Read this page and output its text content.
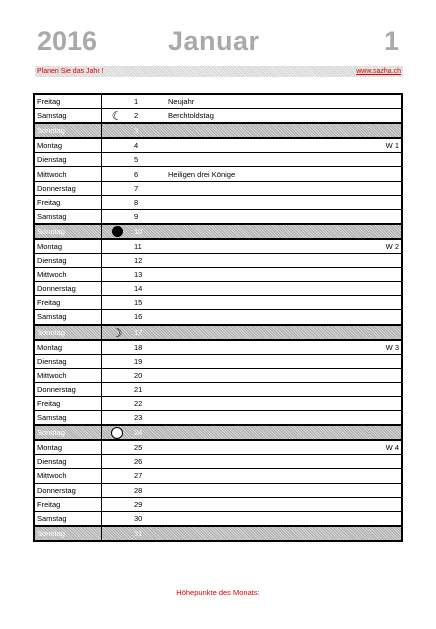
2016	Januar	1
Planen Sie das Jahr !	www.sazha.ch
Freitag		1	Neujahr	
Samstag	☾	2	Berchtoldstag	
Sonntag		3		
Montag		4		W 1
Dienstag		5		
Mittwoch		6	Heiligen drei Könige	
Donnerstag		7		
Freitag		8		
Samstag		9		
Sonntag		10		
Montag		11		W 2
Dienstag		12		
Mittwoch		13		
Donnerstag		14		
Freitag		15		
Samstag		16		
Sonntag	☽	17		
Montag		18		W 3
Dienstag		19		
Mittwoch		20		
Donnerstag		21		
Freitag		22		
Samstag		23		
Sonntag		24		
Montag		25		W 4
Dienstag		26		
Mittwoch		27		
Donnerstag		28		
Freitag		29		
Samstag		30		
Sonntag		31		
Höhepunkte des Monats:
